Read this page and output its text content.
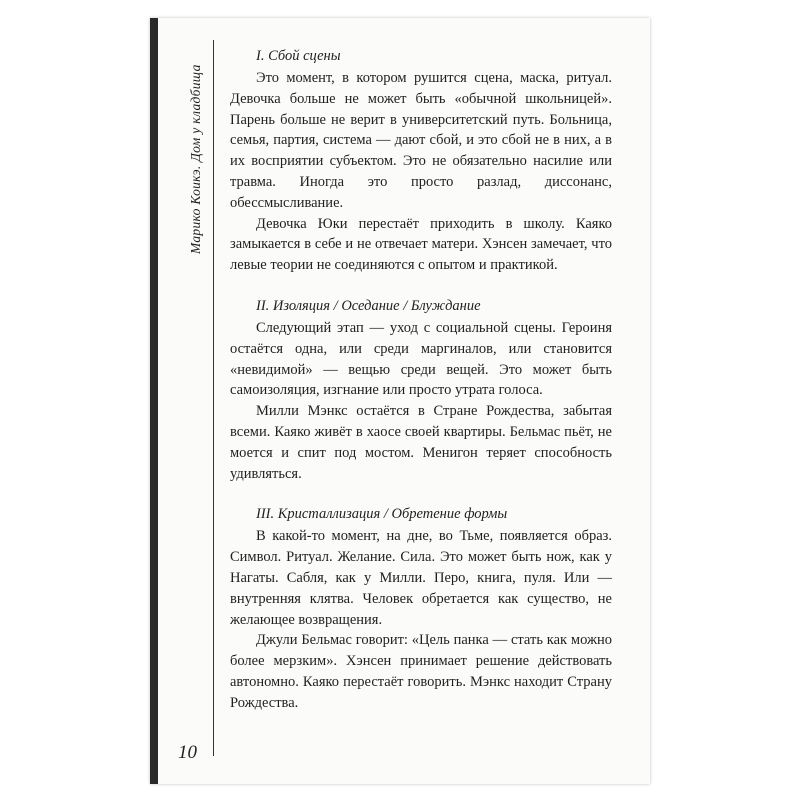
Марико Коикэ. Дом у кладбища
10
I. Сбой сцены

Это момент, в котором рушится сцена, маска, ритуал. Девочка больше не может быть «обычной школьницей». Парень больше не верит в университетский путь. Больница, семья, партия, система — дают сбой, и это сбой не в них, а в их восприятии субъектом. Это не обязательно насилие или травма. Иногда это просто разлад, диссонанс, обессмысливание.

Девочка Юки перестаёт приходить в школу. Каяко замыкается в себе и не отвечает матери. Хэнсен замечает, что левые теории не соединяются с опытом и практикой.

II. Изоляция / Оседание / Блуждание

Следующий этап — уход с социальной сцены. Героиня остаётся одна, или среди маргиналов, или становится «невидимой» — вещью среди вещей. Это может быть самоизоляция, изгнание или просто утрата голоса.

Милли Мэнкс остаётся в Стране Рождества, забытая всеми. Каяко живёт в хаосе своей квартиры. Бельмас пьёт, не моется и спит под мостом. Менигон теряет способность удивляться.

III. Кристаллизация / Обретение формы

В какой-то момент, на дне, во Тьме, появляется образ. Символ. Ритуал. Желание. Сила. Это может быть нож, как у Нагаты. Сабля, как у Милли. Перо, книга, пуля. Или — внутренняя клятва. Человек обретается как существо, не желающее возвращения.

Джули Бельмас говорит: «Цель панка — стать как можно более мерзким». Хэнсен принимает решение действовать автономно. Каяко перестаёт говорить. Мэнкс находит Страну Рождества.
